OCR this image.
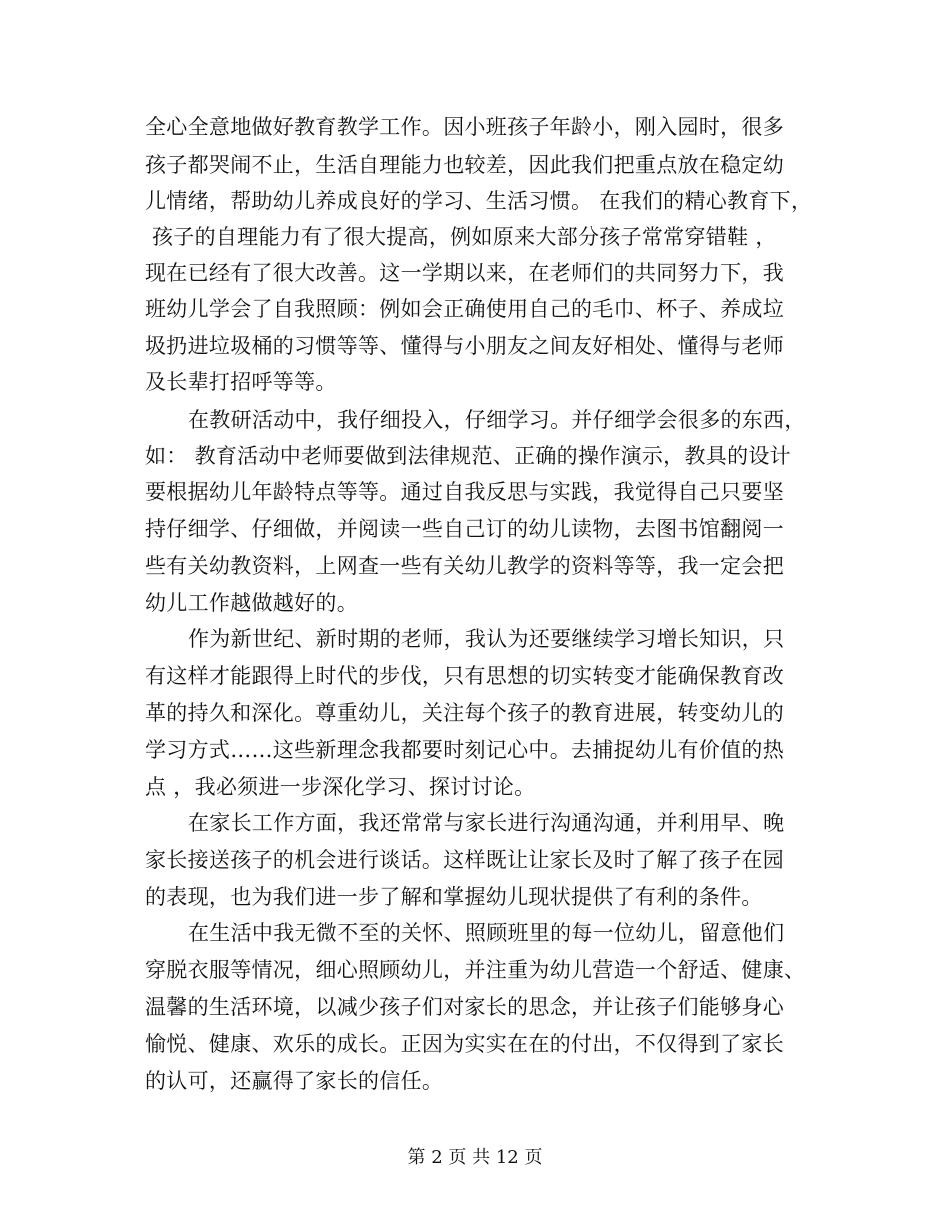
全心全意地做好教育教学工作。因小班孩子年龄小，刚入园时，很多
孩子都哭闹不止，生活自理能力也较差，因此我们把重点放在稳定幼
儿情绪，帮助幼儿养成良好的学习、生活习惯。 在我们的精心教育下，
孩子的自理能力有了很大提高，例如原来大部分孩子常常穿错鞋 ，
现在已经有了很大改善。这一学期以来，在老师们的共同努力下，我
班幼儿学会了自我照顾：例如会正确使用自己的毛巾、杯子、养成垃
圾扔进垃圾桶的习惯等等、懂得与小朋友之间友好相处、懂得与老师
及长辈打招呼等等。
在教研活动中，我仔细投入，仔细学习。并仔细学会很多的东西，
如： 教育活动中老师要做到法律规范、正确的操作演示，教具的设计
要根据幼儿年龄特点等等。通过自我反思与实践，我觉得自己只要坚
持仔细学、仔细做，并阅读一些自己订的幼儿读物，去图书馆翻阅一
些有关幼教资料，上网查一些有关幼儿教学的资料等等，我一定会把
幼儿工作越做越好的。
作为新世纪、新时期的老师，我认为还要继续学习增长知识，只
有这样才能跟得上时代的步伐，只有思想的切实转变才能确保教育改
革的持久和深化。尊重幼儿，关注每个孩子的教育进展，转变幼儿的
学习方式……这些新理念我都要时刻记心中。去捕捉幼儿有价值的热
点 ，我必须进一步深化学习、探讨讨论。
在家长工作方面，我还常常与家长进行沟通沟通，并利用早、晚
家长接送孩子的机会进行谈话。这样既让让家长及时了解了孩子在园
的表现，也为我们进一步了解和掌握幼儿现状提供了有利的条件。
在生活中我无微不至的关怀、照顾班里的每一位幼儿，留意他们
穿脱衣服等情况，细心照顾幼儿，并注重为幼儿营造一个舒适、健康、
温馨的生活环境，以减少孩子们对家长的思念，并让孩子们能够身心
愉悦、健康、欢乐的成长。正因为实实在在的付出，不仅得到了家长
的认可，还赢得了家长的信任。
第 2 页 共 12 页
